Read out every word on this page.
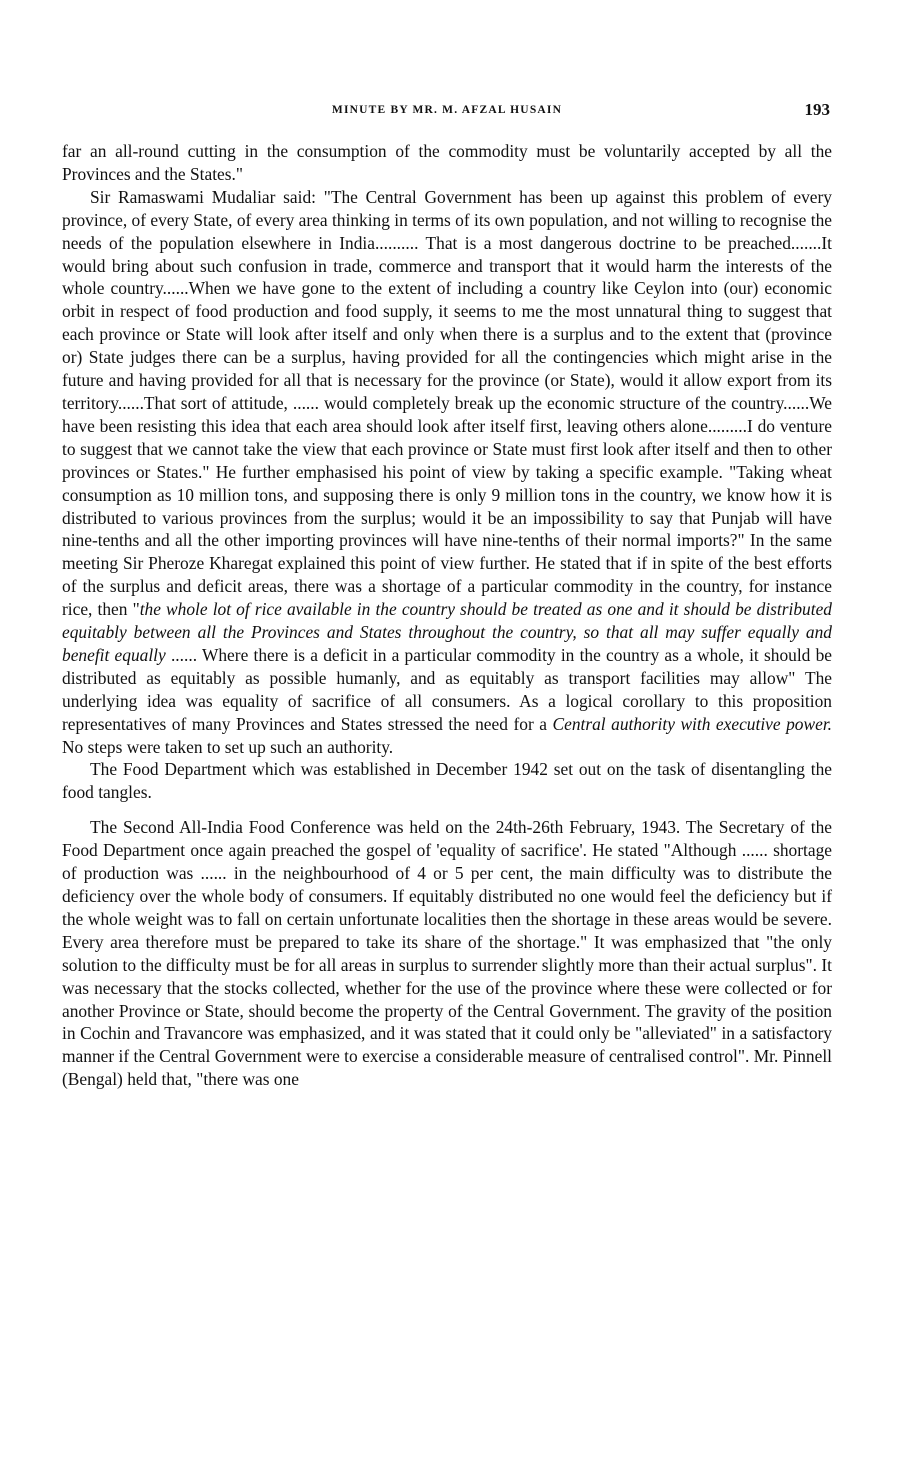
MINUTE BY MR. M. AFZAL HUSAIN	193

far an all-round cutting in the consumption of the commodity must be voluntarily accepted by all the Provinces and the States."

Sir Ramaswami Mudaliar said: "The Central Government has been up against this problem of every province, of every State, of every area thinking in terms of its own population, and not willing to recognise the needs of the population elsewhere in India.......... That is a most dangerous doctrine to be preached.......It would bring about such confusion in trade, commerce and transport that it would harm the interests of the whole country......When we have gone to the extent of including a country like Ceylon into (our) economic orbit in respect of food production and food supply, it seems to me the most unnatural thing to suggest that each province or State will look after itself and only when there is a surplus and to the extent that (province or) State judges there can be a surplus, having provided for all the contingencies which might arise in the future and having provided for all that is necessary for the province (or State), would it allow export from its territory......That sort of attitude, ...... would completely break up the economic structure of the country......We have been resisting this idea that each area should look after itself first, leaving others alone.........I do venture to suggest that we cannot take the view that each province or State must first look after itself and then to other provinces or States." He further emphasised his point of view by taking a specific example. "Taking wheat consumption as 10 million tons, and supposing there is only 9 million tons in the country, we know how it is distributed to various provinces from the surplus; would it be an impossibility to say that Punjab will have nine-tenths and all the other importing provinces will have nine-tenths of their normal imports?" In the same meeting Sir Pheroze Kharegat explained this point of view further. He stated that if in spite of the best efforts of the surplus and deficit areas, there was a shortage of a particular commodity in the country, for instance rice, then "the whole lot of rice available in the country should be treated as one and it should be distributed equitably between all the Provinces and States throughout the country, so that all may suffer equally and benefit equally ...... Where there is a deficit in a particular commodity in the country as a whole, it should be distributed as equitably as possible humanly, and as equitably as transport facilities may allow" The underlying idea was equality of sacrifice of all consumers. As a logical corollary to this proposition representatives of many Provinces and States stressed the need for a Central authority with executive power. No steps were taken to set up such an authority.

The Food Department which was established in December 1942 set out on the task of disentangling the food tangles.

The Second All-India Food Conference was held on the 24th-26th February, 1943. The Secretary of the Food Department once again preached the gospel of 'equality of sacrifice'. He stated "Although ...... shortage of production was ...... in the neighbourhood of 4 or 5 per cent, the main difficulty was to distribute the deficiency over the whole body of consumers. If equitably distributed no one would feel the deficiency but if the whole weight was to fall on certain unfortunate localities then the shortage in these areas would be severe. Every area therefore must be prepared to take its share of the shortage." It was emphasized that "the only solution to the difficulty must be for all areas in surplus to surrender slightly more than their actual surplus". It was necessary that the stocks collected, whether for the use of the province where these were collected or for another Province or State, should become the property of the Central Government. The gravity of the position in Cochin and Travancore was emphasized, and it was stated that it could only be "alleviated" in a satisfactory manner if the Central Government were to exercise a considerable measure of centralised control". Mr. Pinnell (Bengal) held that, "there was one
